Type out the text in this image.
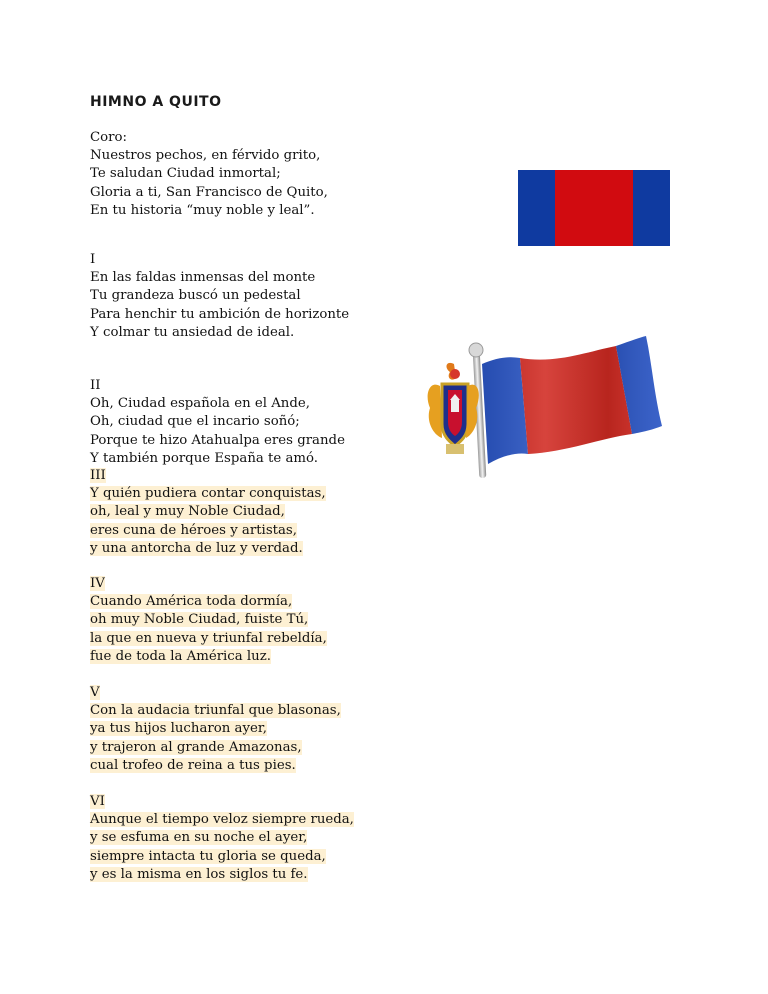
HIMNO A QUITO
Coro:
Nuestros pechos, en férvido grito,
Te saludan Ciudad inmortal;
Gloria a ti, San Francisco de Quito,
En tu historia “muy noble y leal”.
I
En las faldas inmensas del monte
Tu grandeza buscó un pedestal
Para henchir tu ambición de horizonte
Y colmar tu ansiedad de ideal.
II
Oh, Ciudad española en el Ande,
Oh, ciudad que el incario soñó;
Porque te hizo Atahualpa eres grande
Y también porque España te amó.
III
Y quién pudiera contar conquistas,
oh, leal y muy Noble Ciudad,
eres cuna de héroes y artistas,
y una antorcha de luz y verdad.
IV
Cuando América toda dormía,
oh muy Noble Ciudad, fuiste Tú,
la que en nueva y triunfal rebeldía,
fue de toda la América luz.
V
Con la audacia triunfal que blasonas,
ya tus hijos lucharon ayer,
y trajeron al grande Amazonas,
cual trofeo de reina a tus pies.
VI
Aunque el tiempo veloz siempre rueda,
y se esfuma en su noche el ayer,
siempre intacta tu gloria se queda,
y es la misma en los siglos tu fe.
